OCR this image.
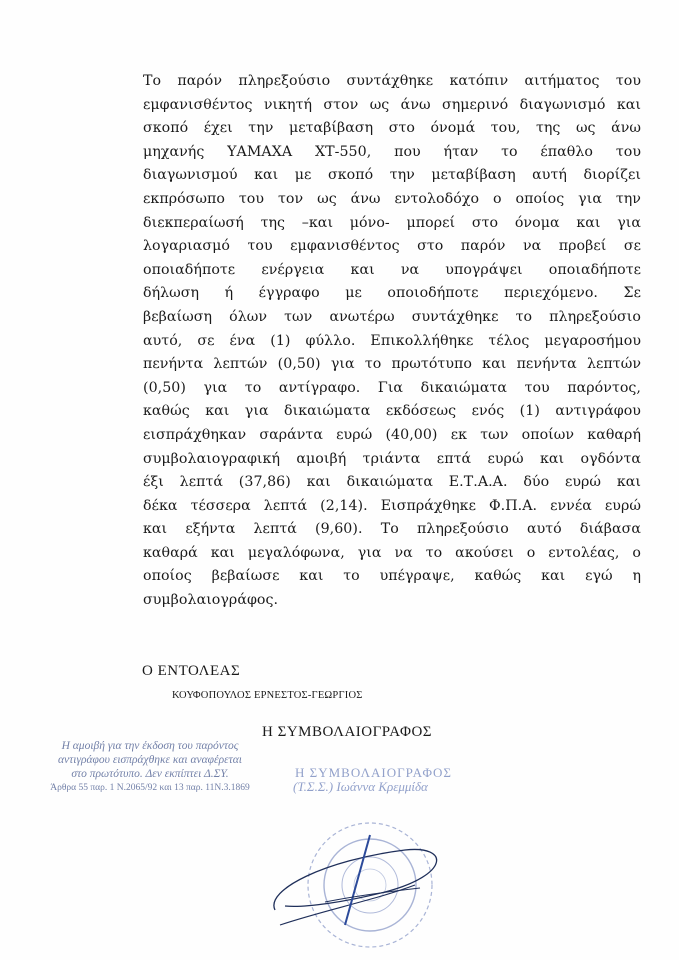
Το παρόν πληρεξούσιο συντάχθηκε κατόπιν αιτήματος του
εμφανισθέντος νικητή στον ως άνω σημερινό διαγωνισμό και
σκοπό έχει την μεταβίβαση στο όνομά του, της ως άνω
μηχανής ΥΑΜΑΧΑ ΧΤ-550, που ήταν το έπαθλο του
διαγωνισμού και με σκοπό την μεταβίβαση αυτή διορίζει
εκπρόσωπο του τον ως άνω εντολοδόχο ο οποίος για την
διεκπεραίωσή της –και μόνο- μπορεί στο όνομα και για
λογαριασμό του εμφανισθέντος στο παρόν να προβεί σε
οποιαδήποτε ενέργεια και να υπογράψει οποιαδήποτε
δήλωση ή έγγραφο με οποιοδήποτε περιεχόμενο. Σε
βεβαίωση όλων των ανωτέρω συντάχθηκε το πληρεξούσιο
αυτό, σε ένα (1) φύλλο. Επικολλήθηκε τέλος μεγαροσήμου
πενήντα λεπτών (0,50) για το πρωτότυπο και πενήντα λεπτών
(0,50) για το αντίγραφο. Για δικαιώματα του παρόντος,
καθώς και για δικαιώματα εκδόσεως ενός (1) αντιγράφου
εισπράχθηκαν σαράντα ευρώ (40,00) εκ των οποίων καθαρή
συμβολαιογραφική αμοιβή τριάντα επτά ευρώ και ογδόντα
έξι λεπτά (37,86) και δικαιώματα Ε.Τ.Α.Α. δύο ευρώ και
δέκα τέσσερα λεπτά (2,14). Εισπράχθηκε Φ.Π.Α. εννέα ευρώ
και εξήντα λεπτά (9,60). Το πληρεξούσιο αυτό διάβασα
καθαρά και μεγαλόφωνα, για να το ακούσει ο εντολέας, ο
οποίος βεβαίωσε και το υπέγραψε, καθώς και εγώ η
συμβολαιογράφος.
Ο ΕΝΤΟΛΕΑΣ
ΚΟΥΦΟΠΟΥΛΟΣ ΕΡΝΕΣΤΟΣ-ΓΕΩΡΓΙΟΣ
Η ΣΥΜΒΟΛΑΙΟΓΡΑΦΟΣ
Η αμοιβή για την έκδοση του παρόντος
αντιγράφου εισπράχθηκε και αναφέρεται
στο πρωτότυπο. Δεν εκπίπτει Δ.ΣΥ.
Άρθρα 55 παρ. 1 Ν.2065/92 και 13 παρ. 11Ν.3.1869
Η ΣΥΜΒΟΛΑΙΟΓΡΑΦΟΣ
(Τ.Σ.Σ.) Ιωάννα Κρεμμίδα
